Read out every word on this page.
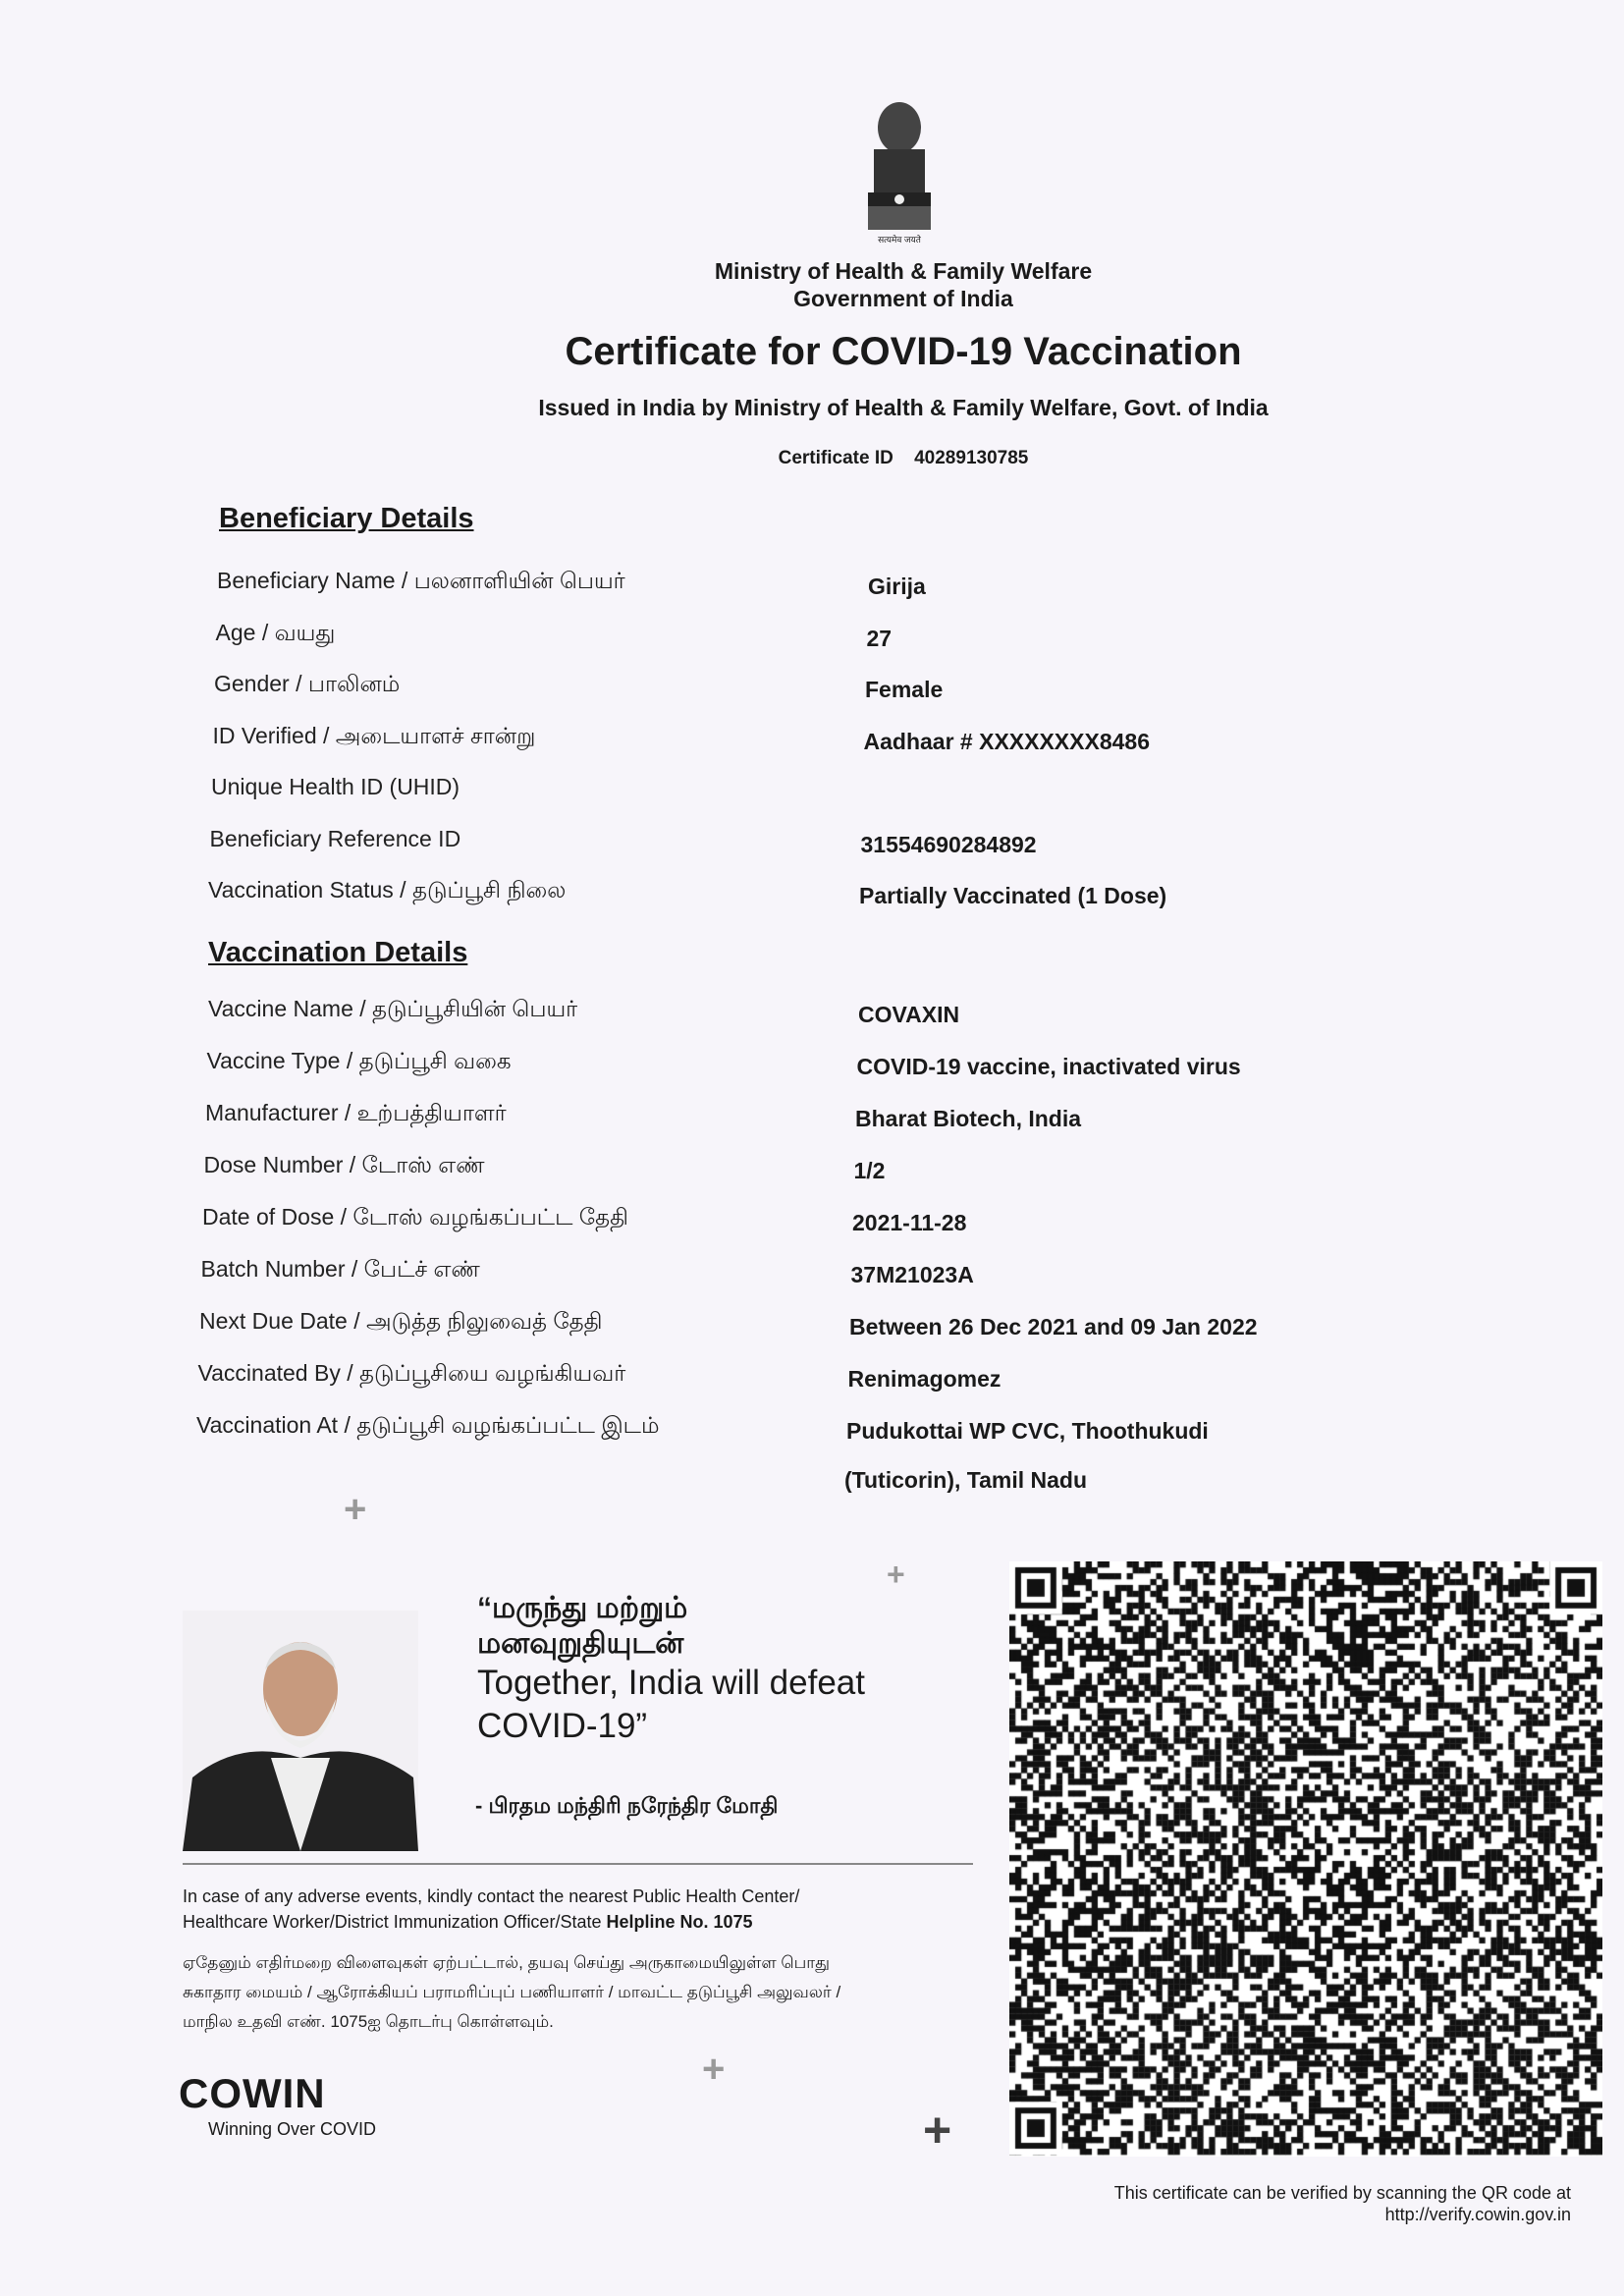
सत्यमेव जयते
Ministry of Health & Family Welfare
Government of India
Certificate for COVID-19 Vaccination
Issued in India by Ministry of Health & Family Welfare, Govt. of India
Certificate ID 40289130785
Beneficiary Details
Beneficiary Name / பலனாளியின் பெயர்	Girija
Age / வயது	27
Gender / பாலினம்	Female
ID Verified / அடையாளச் சான்று	Aadhaar # XXXXXXXX8486
Unique Health ID (UHID)
Beneficiary Reference ID	31554690284892
Vaccination Status / தடுப்பூசி நிலை	Partially Vaccinated (1 Dose)
Vaccination Details
Vaccine Name / தடுப்பூசியின் பெயர்	COVAXIN
Vaccine Type / தடுப்பூசி வகை	COVID-19 vaccine, inactivated virus
Manufacturer / உற்பத்தியாளர்	Bharat Biotech, India
Dose Number / டோஸ் எண்	1/2
Date of Dose / டோஸ் வழங்கப்பட்ட தேதி	2021-11-28
Batch Number / பேட்ச் எண்	37M21023A
Next Due Date / அடுத்த நிலுவைத் தேதி	Between 26 Dec 2021 and 09 Jan 2022
Vaccinated By / தடுப்பூசியை வழங்கியவர்	Renimagomez
Vaccination At / தடுப்பூசி வழங்கப்பட்ட இடம்	Pudukottai WP CVC, Thoothukudi
(Tuticorin), Tamil Nadu
+
+
+
+
“மருந்து மற்றும்
மனவுறுதியுடன்
Together, India will defeat
COVID-19”
- பிரதம மந்திரி நரேந்திர மோதி
In case of any adverse events, kindly contact the nearest Public Health Center/
Healthcare Worker/District Immunization Officer/State Helpline No. 1075
ஏதேனும் எதிர்மறை விளைவுகள் ஏற்பட்டால், தயவு செய்து அருகாமையிலுள்ள பொது
சுகாதார மையம் / ஆரோக்கியப் பராமரிப்புப் பணியாளர் / மாவட்ட தடுப்பூசி அலுவலர் /
மாநில உதவி எண். 1075ஐ தொடர்பு கொள்ளவும்.
COWIN
Winning Over COVID
This certificate can be verified by scanning the QR code at
http://verify.cowin.gov.in
